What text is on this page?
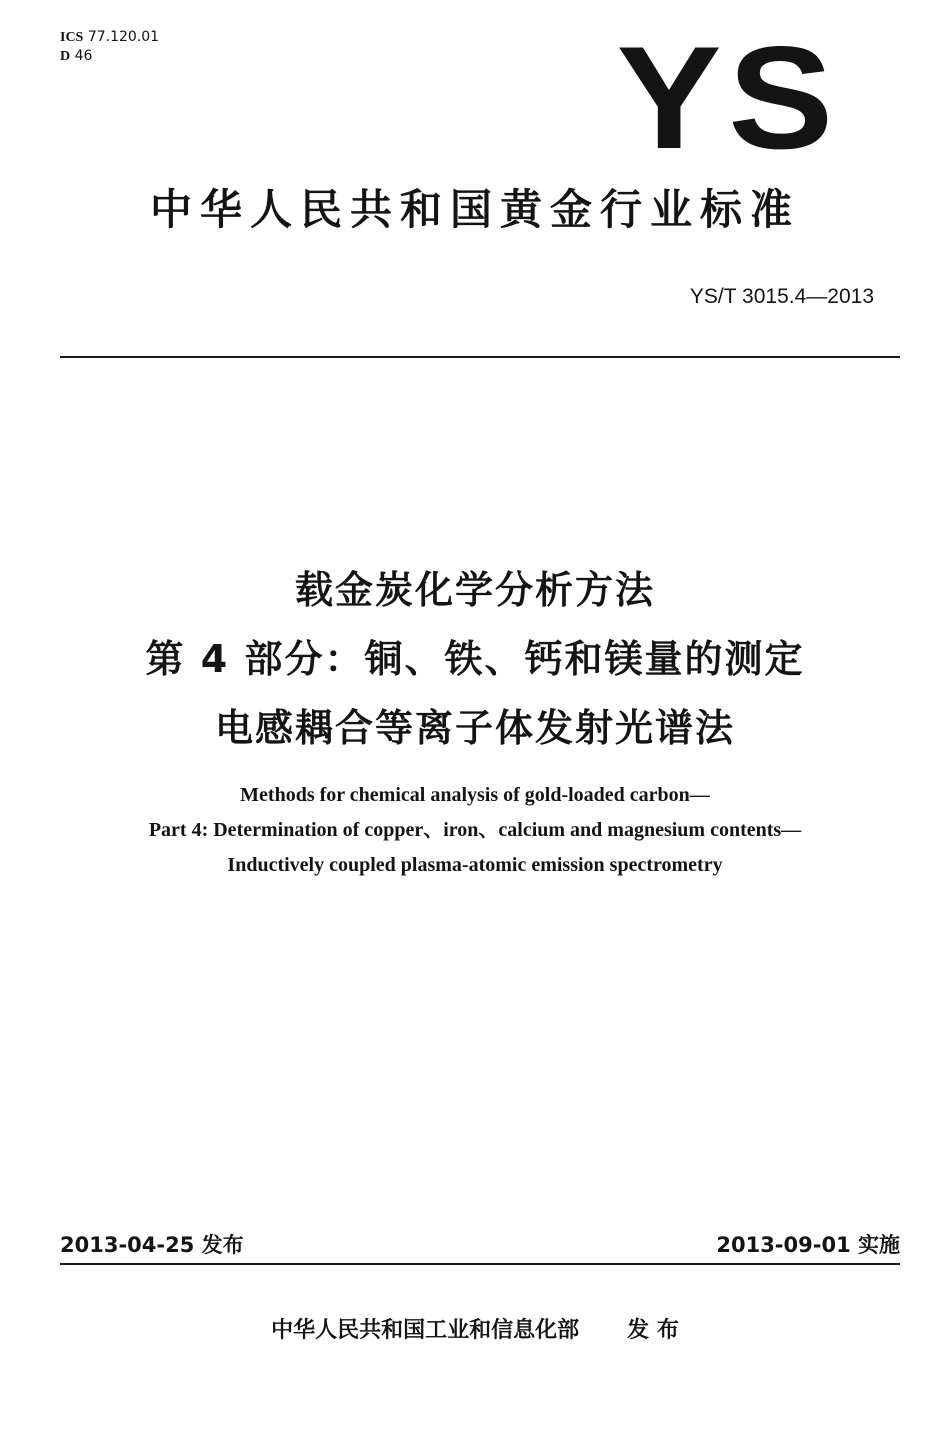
ICS 77.120.01
D 46	YS
中华人民共和国黄金行业标准
YS/T 3015.4—2013
载金炭化学分析方法
第 4 部分：铜、铁、钙和镁量的测定
电感耦合等离子体发射光谱法
Methods for chemical analysis of gold-loaded carbon—
Part 4: Determination of copper、iron、calcium and magnesium contents—
Inductively coupled plasma-atomic emission spectrometry
2013-04-25 发布	2013-09-01 实施
中华人民共和国工业和信息化部 发 布
